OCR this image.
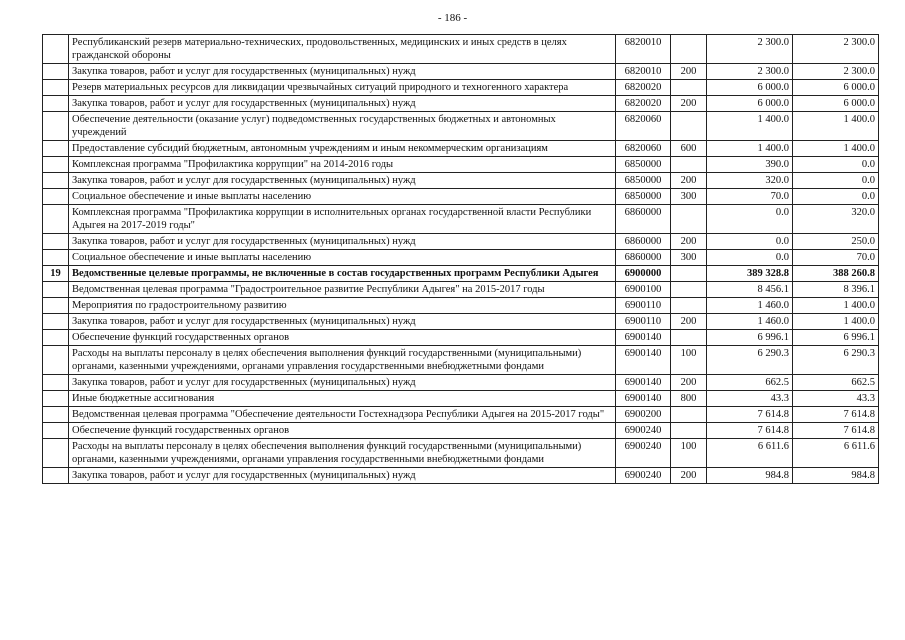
- 186 -
	Республиканский резерв материально-технических, продовольственных, медицинских и иных средств в целях гражданской обороны	6820010		2 300.0	2 300.0
	Закупка товаров, работ и услуг для государственных (муниципальных) нужд	6820010	200	2 300.0	2 300.0
	Резерв материальных ресурсов для ликвидации чрезвычайных ситуаций природного и техногенного характера	6820020		6 000.0	6 000.0
	Закупка товаров, работ и услуг для государственных (муниципальных) нужд	6820020	200	6 000.0	6 000.0
	Обеспечение деятельности (оказание услуг) подведомственных государственных бюджетных и автономных учреждений	6820060		1 400.0	1 400.0
	Предоставление субсидий бюджетным, автономным учреждениям и иным некоммерческим организациям	6820060	600	1 400.0	1 400.0
	Комплексная программа "Профилактика коррупции" на 2014-2016 годы	6850000		390.0	0.0
	Закупка товаров, работ и услуг для государственных (муниципальных) нужд	6850000	200	320.0	0.0
	Социальное обеспечение и иные выплаты населению	6850000	300	70.0	0.0
	Комплексная программа "Профилактика коррупции в исполнительных органах государственной власти Республики Адыгея на 2017-2019 годы"	6860000		0.0	320.0
	Закупка товаров, работ и услуг для государственных (муниципальных) нужд	6860000	200	0.0	250.0
	Социальное обеспечение и иные выплаты населению	6860000	300	0.0	70.0
19	Ведомственные целевые программы, не включенные в состав государственных программ Республики Адыгея	6900000		389 328.8	388 260.8
	Ведомственная целевая программа "Градостроительное развитие Республики Адыгея" на 2015-2017 годы	6900100		8 456.1	8 396.1
	Мероприятия по градостроительному развитию	6900110		1 460.0	1 400.0
	Закупка товаров, работ и услуг для государственных (муниципальных) нужд	6900110	200	1 460.0	1 400.0
	Обеспечение функций государственных органов	6900140		6 996.1	6 996.1
	Расходы на выплаты персоналу в целях обеспечения выполнения функций государственными (муниципальными) органами, казенными учреждениями, органами управления государственными внебюджетными фондами	6900140	100	6 290.3	6 290.3
	Закупка товаров, работ и услуг для государственных (муниципальных) нужд	6900140	200	662.5	662.5
	Иные бюджетные ассигнования	6900140	800	43.3	43.3
	Ведомственная целевая программа "Обеспечение деятельности Гостехнадзора Республики Адыгея на 2015-2017 годы"	6900200		7 614.8	7 614.8
	Обеспечение функций государственных органов	6900240		7 614.8	7 614.8
	Расходы на выплаты персоналу в целях обеспечения выполнения функций государственными (муниципальными) органами, казенными учреждениями, органами управления государственными внебюджетными фондами	6900240	100	6 611.6	6 611.6
	Закупка товаров, работ и услуг для государственных (муниципальных) нужд	6900240	200	984.8	984.8
